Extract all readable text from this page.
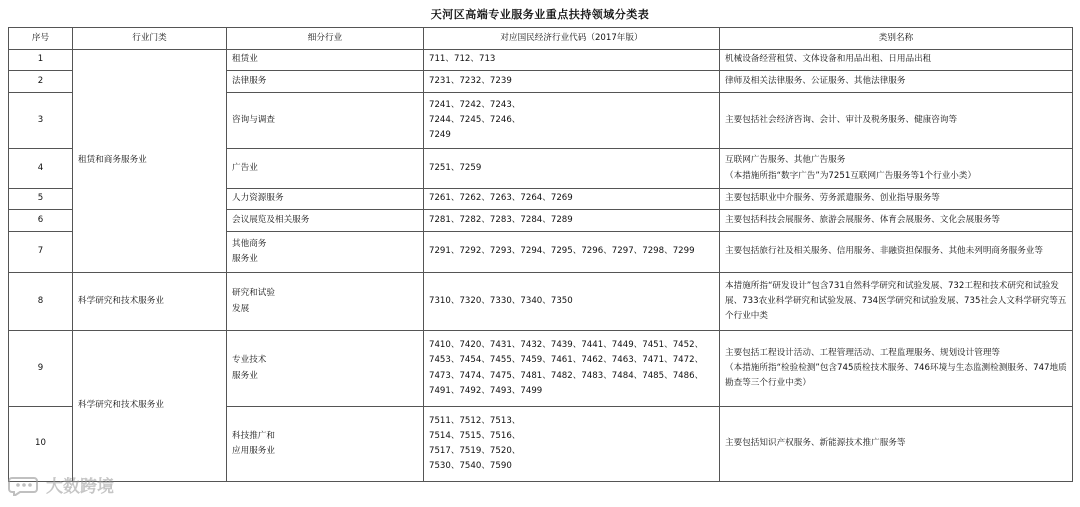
天河区高端专业服务业重点扶持领域分类表
序号	行业门类	细分行业	对应国民经济行业代码（2017年版）	类别名称
1	租赁和商务服务业	租赁业	711、712、713	机械设备经营租赁、文体设备和用品出租、日用品出租
2		法律服务	7231、7232、7239	律师及相关法律服务、公证服务、其他法律服务
3		咨询与调查	7241、7242、7243、
7244、7245、7246、
7249	主要包括社会经济咨询、会计、审计及税务服务、健康咨询等
4		广告业	7251、7259	互联网广告服务、其他广告服务
（本措施所指“数字广告”为7251互联网广告服务等1个行业小类）
5		人力资源服务	7261、7262、7263、7264、7269	主要包括职业中介服务、劳务派遣服务、创业指导服务等
6		会议展览及相关服务	7281、7282、7283、7284、7289	主要包括科技会展服务、旅游会展服务、体育会展服务、文化会展服务等
7		其他商务
服务业	7291、7292、7293、7294、7295、7296、7297、7298、7299	主要包括旅行社及相关服务、信用服务、非融资担保服务、其他未列明商务服务业等
8	科学研究和技术服务业	研究和试验
发展	7310、7320、7330、7340、7350	本措施所指“研发设计”包含731自然科学研究和试验发展、732工程和技术研究和试验发展、733农业科学研究和试验发展、734医学研究和试验发展、735社会人文科学研究等五个行业中类
9	科学研究和技术服务业	专业技术
服务业	7410、7420、7431、7432、7439、7441、7449、7451、7452、7453、7454、7455、7459、7461、7462、7463、7471、7472、7473、7474、7475、7481、7482、7483、7484、7485、7486、7491、7492、7493、7499	主要包括工程设计活动、工程管理活动、工程监理服务、规划设计管理等
（本措施所指“检验检测”包含745质检技术服务、746环境与生态监测检测服务、747地质勘查等三个行业中类）
10		科技推广和
应用服务业	7511、7512、7513、
7514、7515、7516、
7517、7519、7520、
7530、7540、7590	主要包括知识产权服务、新能源技术推广服务等
大数跨境
